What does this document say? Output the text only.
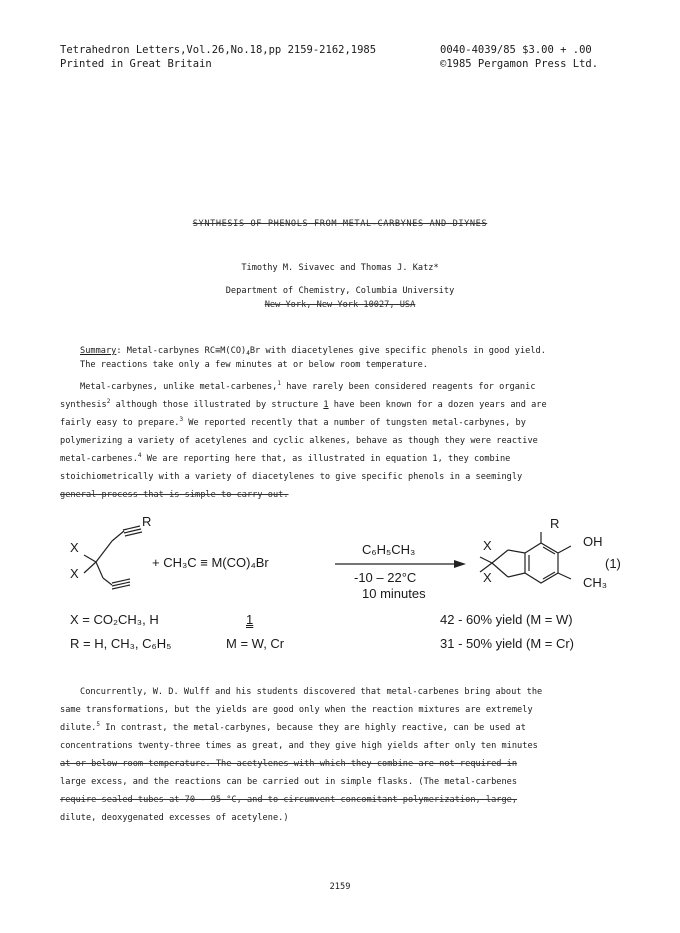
Tetrahedron Letters,Vol.26,No.18,pp 2159-2162,1985
Printed in Great Britain
0040-4039/85 $3.00 + .00
©1985 Pergamon Press Ltd.
SYNTHESIS OF PHENOLS FROM METAL-CARBYNES AND DIYNES
Timothy M. Sivavec and Thomas J. Katz*
Department of Chemistry, Columbia University
New York, New York 10027, USA
Summary: Metal-carbynes $RC\equiv M(CO)_4Br$ with diacetylenes give specific phenols in good yield.
The reactions take only a few minutes at or below room temperature.
Metal-carbynes, unlike metal-carbenes,$^1$ have rarely been considered reagents for organic
synthesis$^2$ although those illustrated by structure 1 have been known for a dozen years and are
fairly easy to prepare.$^3$ We reported recently that a number of tungsten metal-carbynes, by
polymerizing a variety of acetylenes and cyclic alkenes, behave as though they were reactive
metal-carbenes.$^4$ We are reporting here that, as illustrated in equation 1, they combine
stoichiometrically with a variety of diacetylenes to give specific phenols in a seemingly
general process that is simple to carry out.
R
X
X
+ CH₃C ≡ M(CO)₄Br
C₆H₅CH₃
-10 – 22°C
10 minutes
R
OH
X
X	CH₃
(1)
X = CO₂CH₃, H
R = H, CH₃, C₆H₅
1
M = W, Cr
42 - 60% yield (M = W)
31 - 50% yield (M = Cr)
Concurrently, W. D. Wulff and his students discovered that metal-carbenes bring about the
same transformations, but the yields are good only when the reaction mixtures are extremely
dilute.$^5$ In contrast, the metal-carbynes, because they are highly reactive, can be used at
concentrations twenty-three times as great, and they give high yields after only ten minutes
at or below room temperature. The acetylenes with which they combine are not required in
large excess, and the reactions can be carried out in simple flasks. (The metal-carbenes
require sealed tubes at 70 - 95 °C, and to circumvent concomitant polymerization, large,
dilute, deoxygenated excesses of acetylene.)
2159
